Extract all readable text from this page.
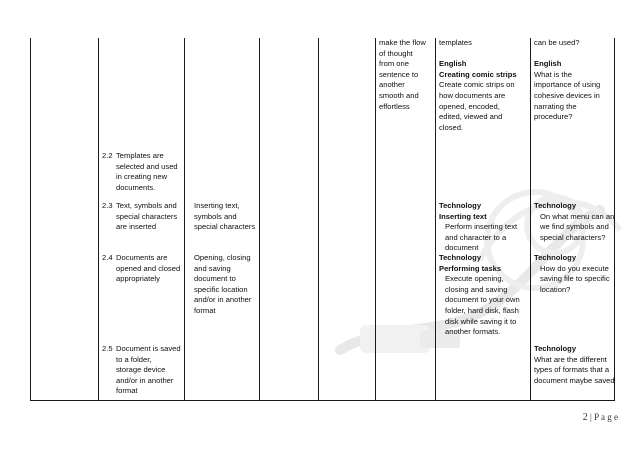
make the flow
of thought
from one
sentence to
another
smooth and
effortless
templates
English
Creating comic strips
Create comic strips on
how documents are
opened, encoded,
edited, viewed and
closed.
can be used?
English
What is the
importance of using
cohesive devices in
narrating the
procedure?
2.2 Templates are
selected and used
in creating new
documents.
2.3 Text, symbols and
special characters
are inserted
Inserting text,
symbols and
special characters
Technology
Inserting text
Perform inserting text
and character to a
document
Technology
On what menu can an
we find symbols and
special characters?
2.4 Documents are
opened and closed
appropriately
Opening, closing
and saving
document to
specific location
and/or in another
format
Technology
Performing tasks
Execute opening,
closing and saving
document to your own
folder, hard disk, flash
disk while saving it to
another formats.
Technology
How do you execute
saving file to specific
location?
2.5 Document is saved
to a folder,
storage device
and/or in another
format
Technology
What are the different
types of formats that a
document maybe saved
2 | P a g e
